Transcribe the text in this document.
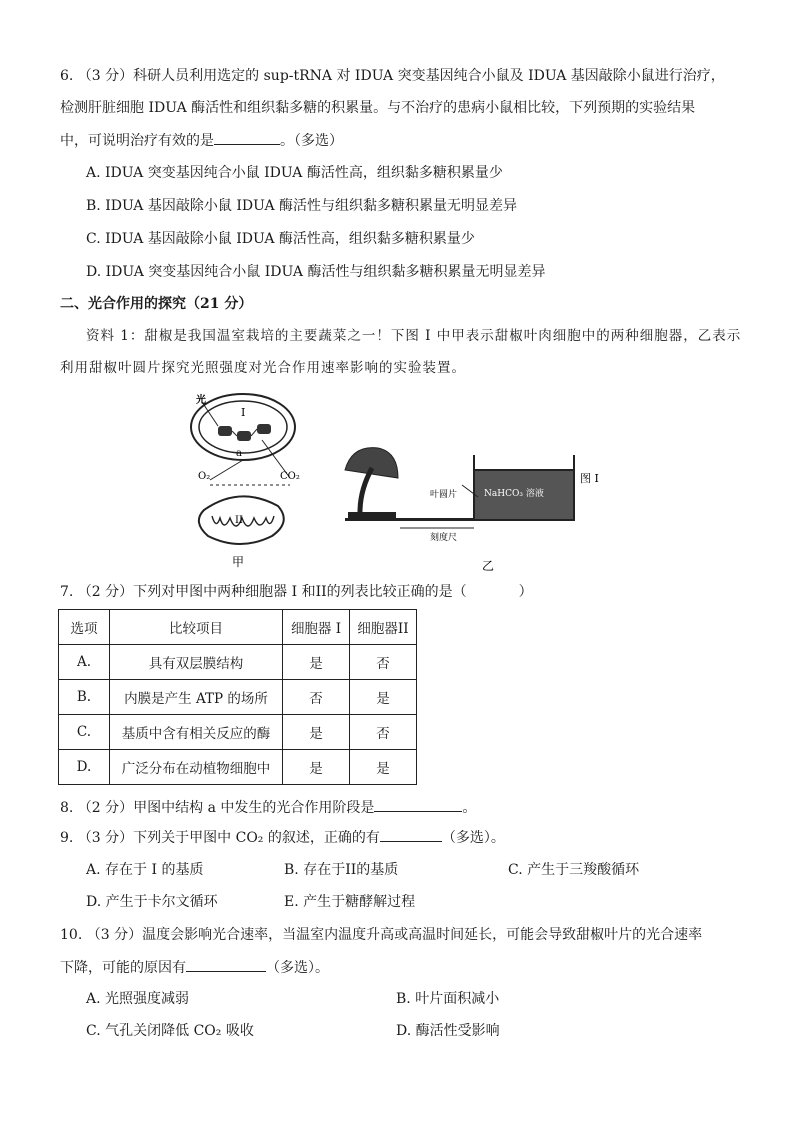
6. （3 分）科研人员利用选定的 sup-tRNA 对 IDUA 突变基因纯合小鼠及 IDUA 基因敲除小鼠进行治疗，
检测肝脏细胞 IDUA 酶活性和组织黏多糖的积累量。与不治疗的患病小鼠相比较，下列预期的实验结果
中，可说明治疗有效的是	。（多选）
A. IDUA 突变基因纯合小鼠 IDUA 酶活性高，组织黏多糖积累量少
B. IDUA 基因敲除小鼠 IDUA 酶活性与组织黏多糖积累量无明显差异
C. IDUA 基因敲除小鼠 IDUA 酶活性高，组织黏多糖积累量少
D. IDUA 突变基因纯合小鼠 IDUA 酶活性与组织黏多糖积累量无明显差异
二、光合作用的探究（21 分）
资料 1：甜椒是我国温室栽培的主要蔬菜之一！下图 I 中甲表示甜椒叶肉细胞中的两种细胞器，乙表示
利用甜椒叶圆片探究光照强度对光合作用速率影响的实验装置。
光
I
a
O₂	CO₂
II
甲	乙
叶圆片	NaHCO₃ 溶液
刻度尺
图 I
7. （2 分）下列对甲图中两种细胞器 I 和II的列表比较正确的是（	）
选项	比较项目	细胞器 I	细胞器II
A.	具有双层膜结构	是	否
B.	内膜是产生 ATP 的场所	否	是
C.	基质中含有相关反应的酶	是	否
D.	广泛分布在动植物细胞中	是	是
8. （2 分）甲图中结构 a 中发生的光合作用阶段是	。
9. （3 分）下列关于甲图中 CO₂ 的叙述，正确的有	（多选）。
A. 存在于 I 的基质	B. 存在于II的基质	C. 产生于三羧酸循环
D. 产生于卡尔文循环	E. 产生于糖酵解过程
10. （3 分）温度会影响光合速率，当温室内温度升高或高温时间延长，可能会导致甜椒叶片的光合速率
下降，可能的原因有	（多选）。
A. 光照强度减弱	B. 叶片面积减小
C. 气孔关闭降低 CO₂ 吸收	D. 酶活性受影响
